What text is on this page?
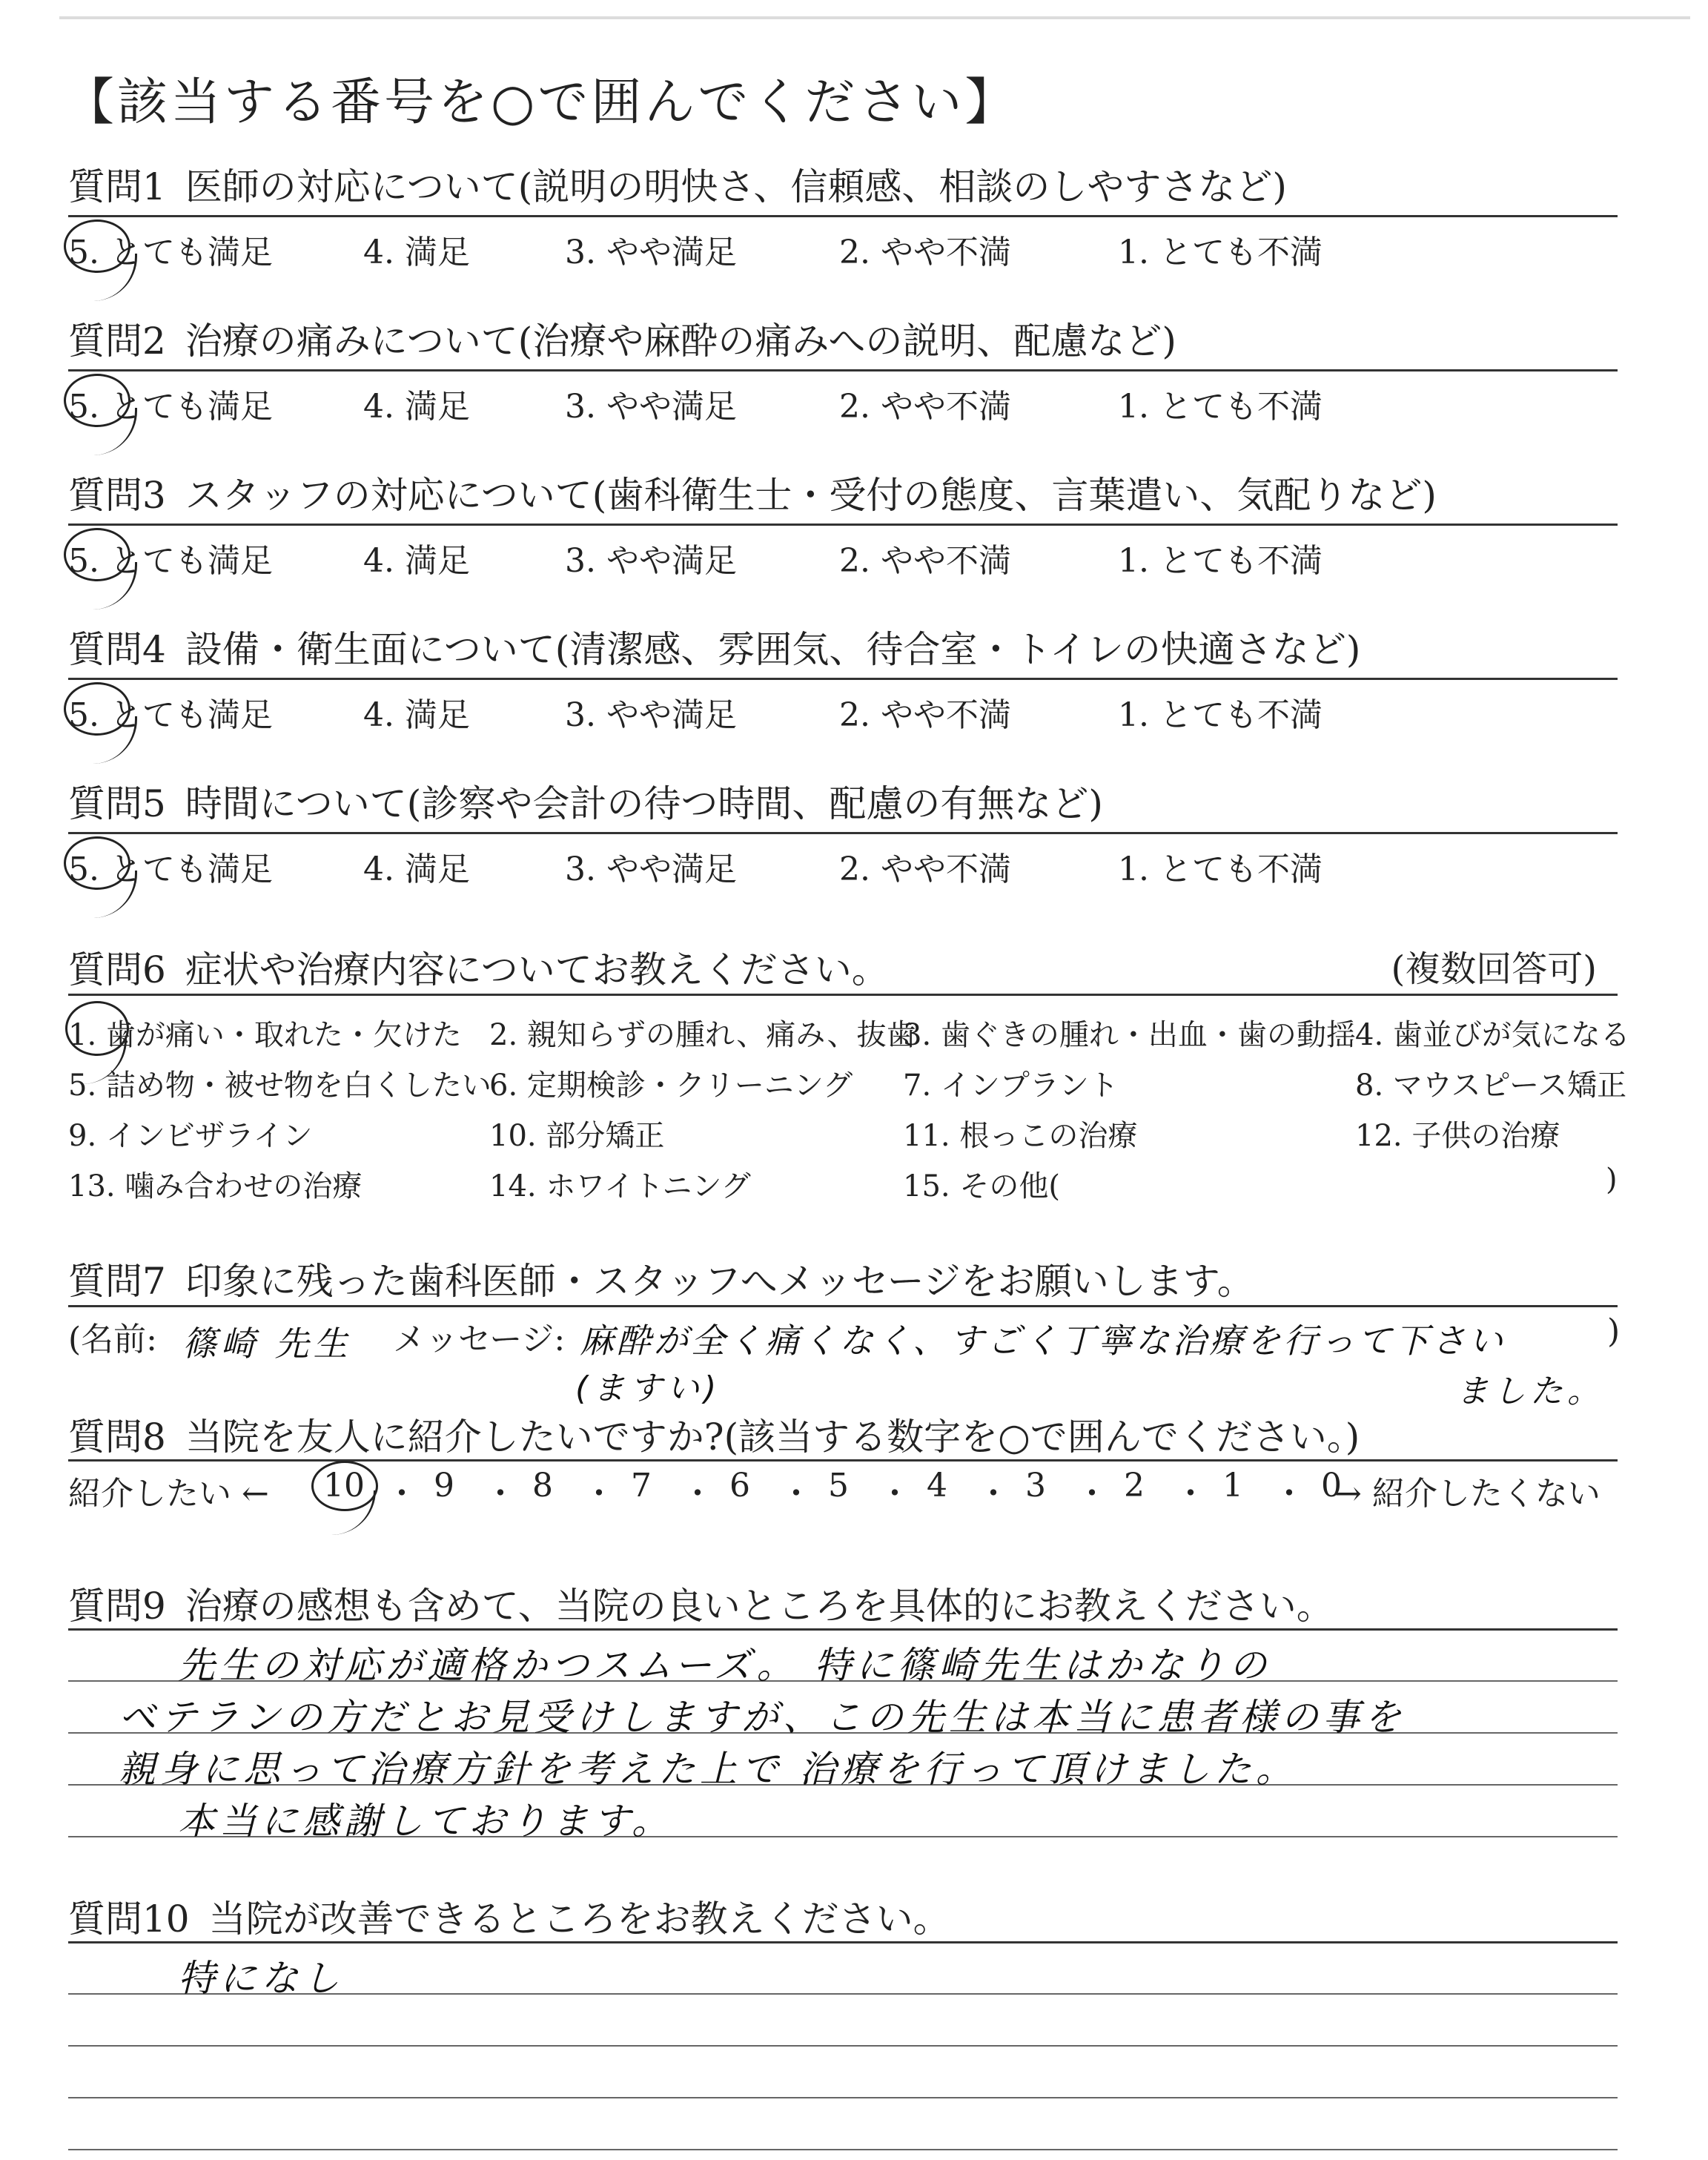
【該当する番号を○で囲んでください】
質問1 医師の対応について(説明の明快さ、信頼感、相談のしやすさなど)
5. とても満足	4. 満足	3. やや満足	2. やや不満	1. とても不満
質問2 治療の痛みについて(治療や麻酔の痛みへの説明、配慮など)
5. とても満足	4. 満足	3. やや満足	2. やや不満	1. とても不満
質問3 スタッフの対応について(歯科衛生士・受付の態度、言葉遣い、気配りなど)
5. とても満足	4. 満足	3. やや満足	2. やや不満	1. とても不満
質問4 設備・衛生面について(清潔感、雰囲気、待合室・トイレの快適さなど)
5. とても満足	4. 満足	3. やや満足	2. やや不満	1. とても不満
質問5 時間について(診察や会計の待つ時間、配慮の有無など)
5. とても満足	4. 満足	3. やや満足	2. やや不満	1. とても不満
質問6 症状や治療内容についてお教えください。	(複数回答可)
1. 歯が痛い・取れた・欠けた 2. 親知らずの腫れ、痛み、抜歯
3. 歯ぐきの腫れ・出血・歯の動揺 4. 歯並びが気になる
5. 詰め物・被せ物を白くしたい
6. 定期検診・クリーニング 7. インプラント	8. マウスピース矯正
9. インビザライン	10. 部分矯正	11. 根っこの治療	12. 子供の治療
13. 噛み合わせの治療	14. ホワイトニング	15. その他(	)
質問7 印象に残った歯科医師・スタッフへメッセージをお願いします。
(名前: 篠崎 先生 メッセージ: 麻酔が全く痛くなく、すごく丁寧な治療を行って下さい
(ますい)	ました。
)
質問8 当院を友人に紹介したいですか?(該当する数字を○で囲んでください。)
紹介したい ← 10 ・ 9 ・ 8 ・ 7 ・ 6 ・ 5 ・ 4 ・ 3 ・ 2 ・ 1 ・ 0
→ 紹介したくない
質問9 治療の感想も含めて、当院の良いところを具体的にお教えください。
先生の対応が適格かつスムーズ。 特に篠崎先生はかなりの
ベテランの方だとお見受けしますが、この先生は本当に患者様の事を
親身に思って治療方針を考えた上で 治療を行って頂けました。
本当に感謝しております。
質問10 当院が改善できるところをお教えください。
特になし
